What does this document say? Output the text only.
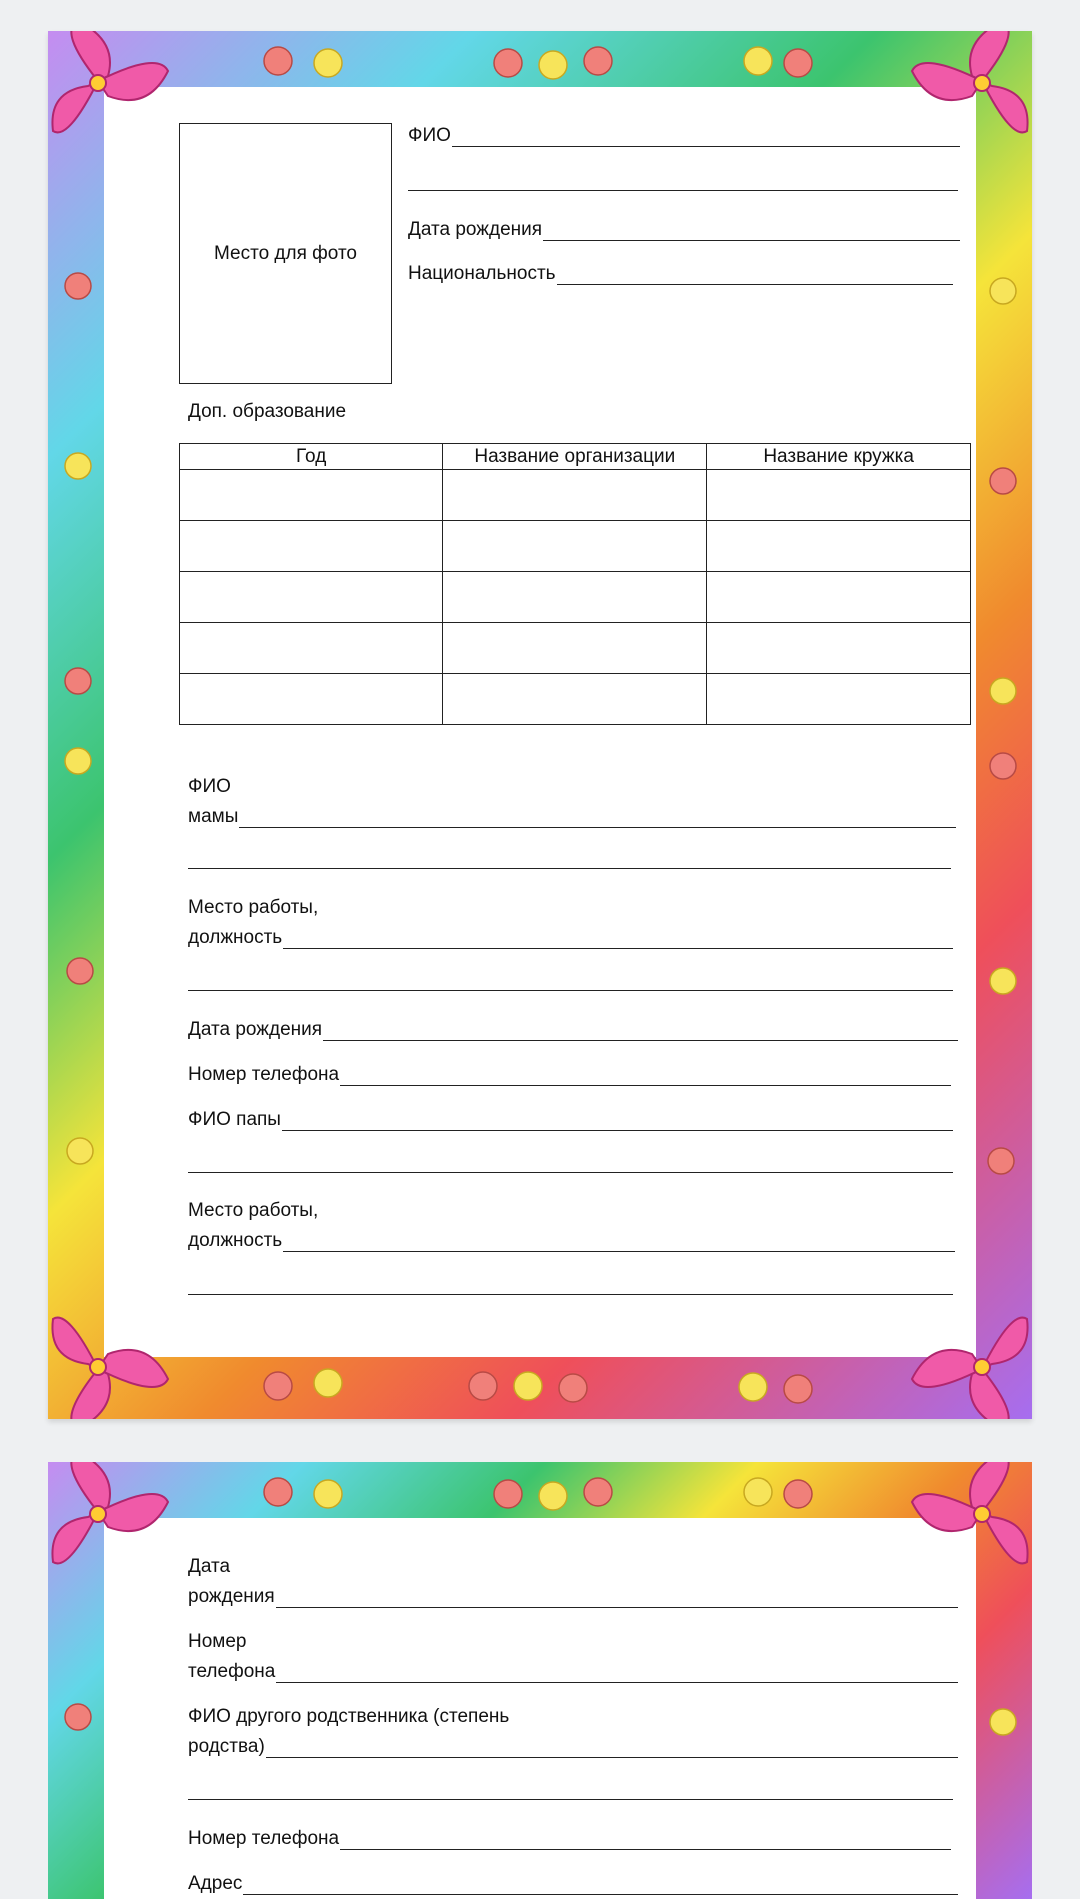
Место для фото
ФИО
Дата рождения
Национальность
Доп. образование
Год	Название организации	Название кружка

ФИО
мамы
Место работы,
должность
Дата рождения
Номер телефона
ФИО папы
Место работы,
должность
Дата
рождения
Номер
телефона
ФИО другого родственника (степень
родства)
Номер телефона
Адрес
